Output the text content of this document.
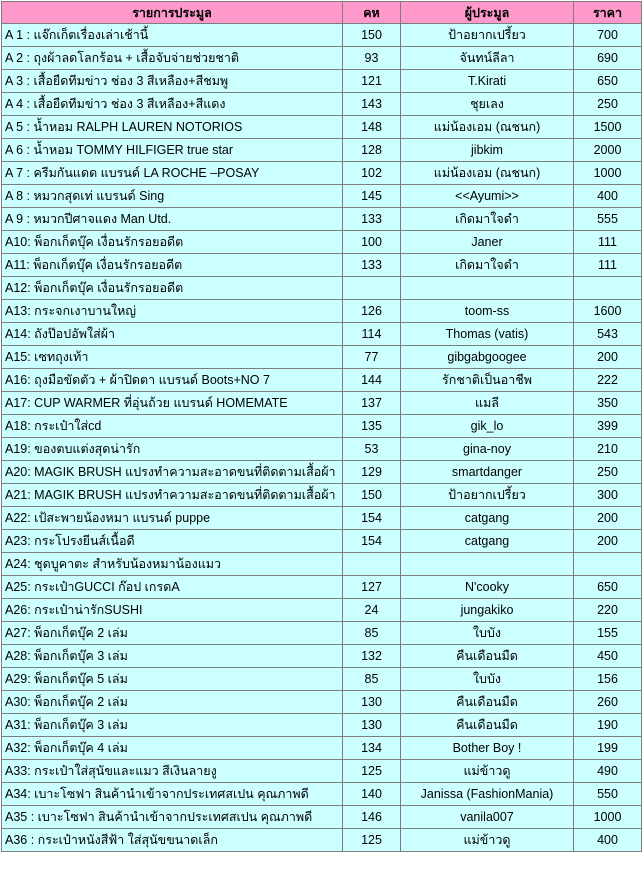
รายการประมูล	คห	ผู้ประมูล	ราคา
A 1 : แจ๊กเก็ตเรื่องเล่าเช้านี้	150	ป้าอยากเปรี้ยว	700
A 2 : ถุงผ้าลดโลกร้อน + เสื้อจับจ่ายช่วยชาติ	93	จันทน์ลีลา	690
A 3 : เสื้อยืดทีมข่าว ช่อง 3 สีเหลือง+สีชมพู	121	T.Kirati	650
A 4 : เสื้อยืดทีมข่าว ช่อง 3 สีเหลือง+สีแดง	143	ชุยเลง	250
A 5 : น้ำหอม RALPH LAUREN NOTORIOS	148	แม่น้องเอม (ณชนก)	1500
A 6 : น้ำหอม TOMMY HILFIGER true star	128	jibkim	2000
A 7 : ครีมกันแดด แบรนด์ LA ROCHE –POSAY	102	แม่น้องเอม (ณชนก)	1000
A 8 : หมวกสุดเท่ แบรนด์ Sing	145	<<Ayumi>>	400
A 9 : หมวกปีศาจแดง Man Utd.	133	เกิดมาใจดำ	555
A10: พ็อกเก็ตบุ๊ค เงื่อนรักรอยอดีต	100	Janer	111
A11: พ็อกเก็ตบุ๊ค เงื่อนรักรอยอดีต	133	เกิดมาใจดำ	111
A12: พ็อกเก็ตบุ๊ค เงื่อนรักรอยอดีต			
A13: กระจกเงาบานใหญ่	126	toom-ss	1600
A14: ถังป๊อปอัพใส่ผ้า	114	Thomas (vatis)	543
A15: เซทถุงเท้า	77	gibgabgoogee	200
A16: ถุงมือขัดตัว + ผ้าปิดตา แบรนด์ Boots+NO 7	144	รักชาติเป็นอาชีพ	222
A17: CUP WARMER ที่อุ่นถ้วย แบรนด์ HOMEMATE	137	แมลี	350
A18: กระเป๋าใส่cd	135	gik_lo	399
A19: ของตบแต่งสุดน่ารัก	53	gina-noy	210
A20: MAGIK BRUSH แปรงทำความสะอาดขนที่ติดตามเสื้อผ้า	129	smartdanger	250
A21: MAGIK BRUSH แปรงทำความสะอาดขนที่ติดตามเสื้อผ้า	150	ป้าอยากเปรี้ยว	300
A22: เป้สะพายน้องหมา แบรนด์ puppe	154	catgang	200
A23: กระโปรงยีนส์เนื้อดี	154	catgang	200
A24: ชุดบูคาตะ สำหรับน้องหมาน้องแมว			
A25: กระเป๋าGUCCI ก๊อป เกรดA	127	N'cooky	650
A26: กระเป๋าน่ารักSUSHI	24	jungakiko	220
A27: พ็อกเก็ตบุ๊ค 2 เล่ม	85	ใบบัง	155
A28: พ็อกเก็ตบุ๊ค 3 เล่ม	132	คืนเดือนมืด	450
A29: พ็อกเก็ตบุ๊ค 5 เล่ม	85	ใบบัง	156
A30: พ็อกเก็ตบุ๊ค 2 เล่ม	130	คืนเดือนมืด	260
A31: พ็อกเก็ตบุ๊ค 3 เล่ม	130	คืนเดือนมืด	190
A32: พ็อกเก็ตบุ๊ค 4 เล่ม	134	Bother Boy !	199
A33: กระเป๋าใส่สุนัขและแมว สีเงินลายงู	125	แม่ข้าวดู	490
A34: เบาะโซฟา สินค้านำเข้าจากประเทศสเปน คุณภาพดี	140	Janissa (FashionMania)	550
A35 : เบาะโซฟา สินค้านำเข้าจากประเทศสเปน คุณภาพดี	146	vanila007	1000
A36 : กระเป๋าหนังสีฟ้า ใส่สุนัขขนาดเล็ก	125	แม่ข้าวดู	400
